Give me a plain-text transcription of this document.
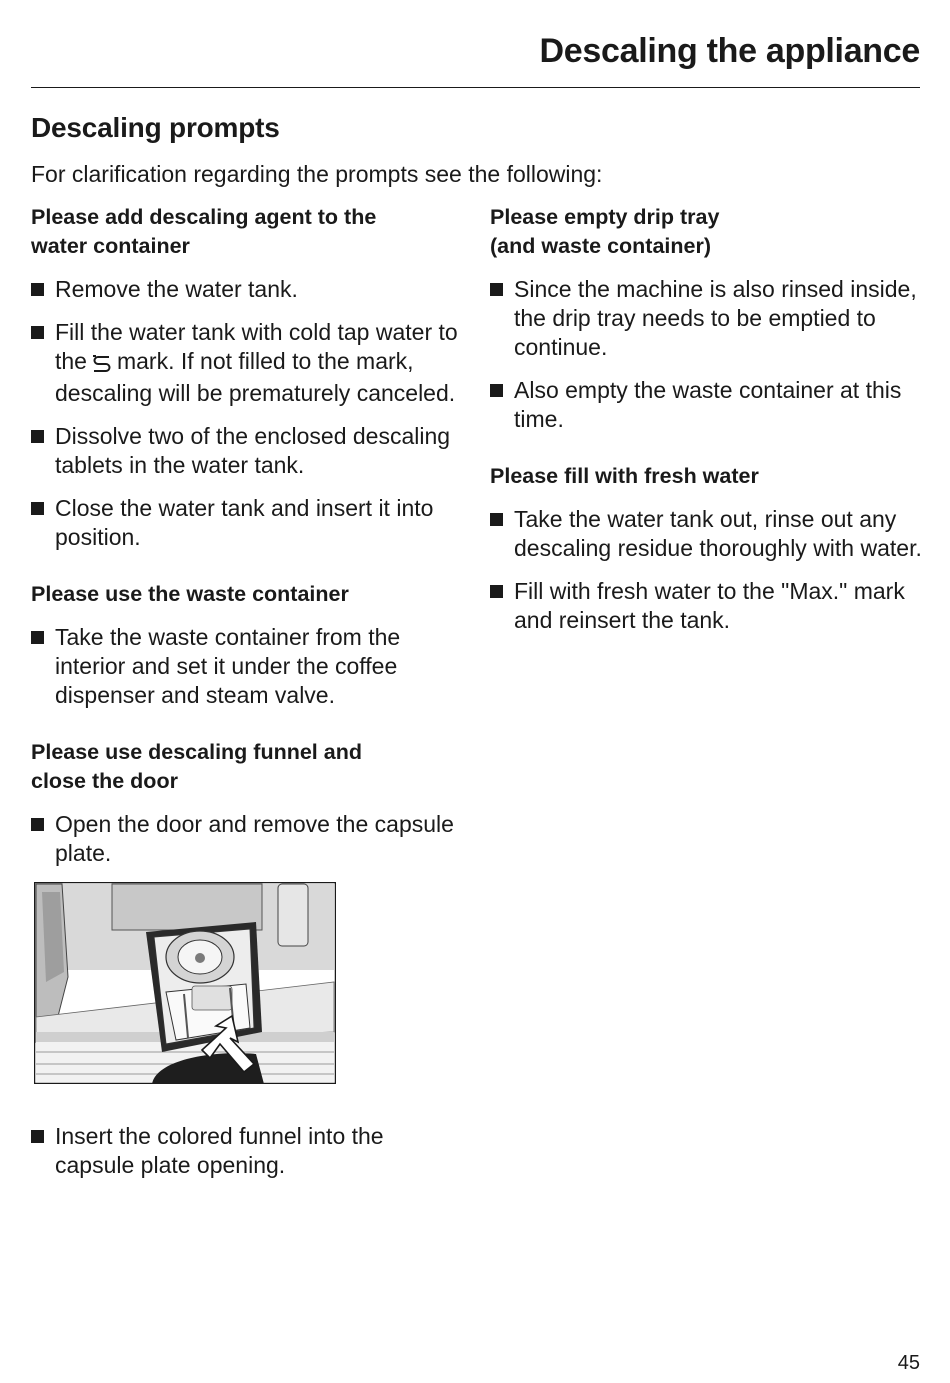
Descaling the appliance
Descaling prompts

For clarification regarding the prompts see the following:

Please add descaling agent to the
water container
Remove the water tank.
Fill the water tank with cold tap water to the mark. If not filled to the mark, descaling will be prematurely canceled.
Dissolve two of the enclosed descaling tablets in the water tank.
Close the water tank and insert it into position.
Please use the waste container
Take the waste container from the interior and set it under the coffee dispenser and steam valve.
Please use descaling funnel and
close the door
Open the door and remove the capsule plate.
Insert the colored funnel into the capsule plate opening.
Please empty drip tray
(and waste container)
Since the machine is also rinsed inside, the drip tray needs to be emptied to continue.
Also empty the waste container at this time.
Please fill with fresh water
Take the water tank out, rinse out any descaling residue thoroughly with water.
Fill with fresh water to the "Max." mark and reinsert the tank.

45
